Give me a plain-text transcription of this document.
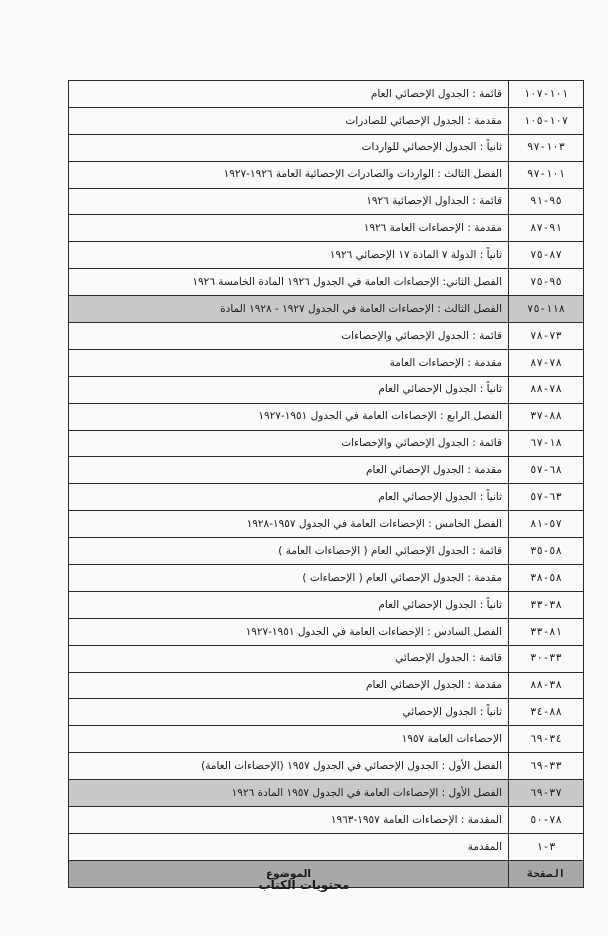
١٠١-١٠٧	قائمة : الجدول الإحصائي العام
١٠٧-١٠٥	مقدمة : الجدول الإحصائي للصادرات
١٠٣-٩٧	ثانياً : الجدول الإحصائي للواردات
١٠١-٩٧	الفصل الثالث : الواردات والصادرات الإحصائية العامة ١٩٢٦-١٩٢٧
٩٥-٩١	قائمة : الجداول الإحصائية ١٩٢٦
٩١-٨٧	مقدمة : الإحصاءات العامة ١٩٢٦
٨٧-٧٥	ثانياً : الدولة ٧ المادة ١٧ الإحصائي ١٩٢٦
٩٥-٧٥	الفصل الثاني: الإحصاءات العامة في الجدول ١٩٢٦ المادة الخامسة ١٩٢٦
١١٨-٧٥	الفصل الثالث : الإحصاءات العامة في الجدول ١٩٢٧ - ١٩٢٨ المادة
٧٣-٧٨	قائمة : الجدول الإحصائي والإحصاءات
٧٨-٨٧	مقدمة : الإحصاءات العامة
٧٨-٨٨	ثانياً : الجدول الإحصائي العام
٨٨-٣٧	الفصل الرابع : الإحصاءات العامة في الجدول ١٩٥١-١٩٢٧
١٨-٦٧	قائمة : الجدول الإحصائي والإحصاءات
٦٨-٥٧	مقدمة : الجدول الإحصائي العام
٦٣-٥٧	ثانياً : الجدول الإحصائي العام
٥٧-٨١	الفصل الخامس : الإحصاءات العامة في الجدول ١٩٥٧-١٩٢٨
٥٨-٣٥	قائمة : الجدول الإحصائي العام ( الإحصاءات العامة )
٥٨-٣٨	مقدمة : الجدول الإحصائي العام ( الإحصاءات )
٣٨-٣٣	ثانياً : الجدول الإحصائي العام
٨١-٣٣	الفصل السادس : الإحصاءات العامة في الجدول ١٩٥١-١٩٢٧
٣٣-٣٠	قائمة : الجدول الإحصائي
٣٨-٨٨	مقدمة : الجدول الإحصائي العام
٨٨-٣٤	ثانياً : الجدول الإحصائي
٣٤-٦٩	الإحصاءات العامة ١٩٥٧
٣٣-٦٩	الفصل الأول : الجدول الإحصائي في الجدول ١٩٥٧ (الإحصاءات العامة)
٣٧-٦٩	الفصل الأول : الإحصاءات العامة في الجدول ١٩٥٧ المادة ١٩٢٦
٧٨-٥٠	المقدمة : الإحصاءات العامة ١٩٥٧-١٩٦٣
٣-١	المقدمة
الصفحة	الموضوع
محتويات الكتاب
